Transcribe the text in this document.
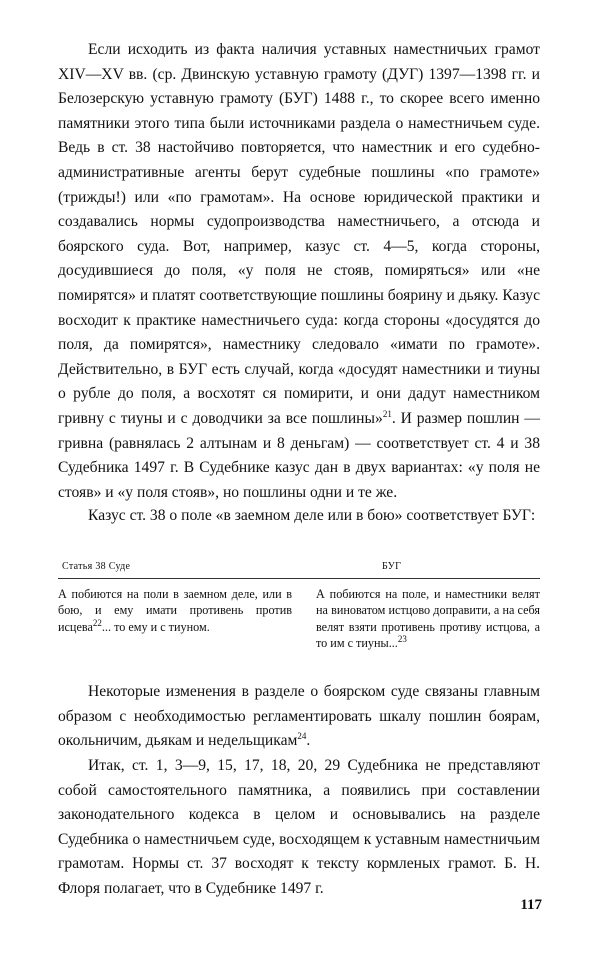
Если исходить из факта наличия уставных наместничьих грамот XIV—XV вв. (ср. Двинскую уставную грамоту (ДУГ) 1397—1398 гг. и Белозерскую уставную грамоту (БУГ) 1488 г., то скорее всего именно памятники этого типа были источниками раздела о наместничьем суде. Ведь в ст. 38 настойчиво повторяется, что наместник и его судебно-административные агенты берут судебные пошлины «по грамоте» (трижды!) или «по грамотам». На основе юридической практики и создавались нормы судопроизводства наместничьего, а отсюда и боярского суда. Вот, например, казус ст. 4—5, когда стороны, досудившиеся до поля, «у поля не стояв, помиряться» или «не помирятся» и платят соответствующие пошлины боярину и дьяку. Казус восходит к практике наместничьего суда: когда стороны «досудятся до поля, да помирятся», наместнику следовало «имати по грамоте». Действительно, в БУГ есть случай, когда «досудят наместники и тиуны о рубле до поля, а восхотят ся помирити, и они дадут наместником гривну с тиуны и с доводчики за все пошлины»$^{21}$. И размер пошлин — гривна (равнялась 2 алтынам и 8 деньгам) — соответствует ст. 4 и 38 Судебника 1497 г. В Судебнике казус дан в двух вариантах: «у поля не стояв» и «у поля стояв», но пошлины одни и те же.

Казус ст. 38 о поле «в заемном деле или в бою» соответствует БУГ:

Статья 38 Суде	БУГ
А побиются на поли в заемном деле, или в бою, и ему имати противень против исцева$^{22}$... то ему и с тиуном.
А побиются на поле, и наместники велят на виноватом истцово доправити, а на себя велят взяти противень противу истцова, а то им с тиуны...$^{23}$

Некоторые изменения в разделе о боярском суде связаны главным образом с необходимостью регламентировать шкалу пошлин боярам, окольничим, дьякам и недельщикам$^{24}$.

Итак, ст. 1, 3—9, 15, 17, 18, 20, 29 Судебника не представляют собой самостоятельного памятника, а появились при составлении законодательного кодекса в целом и основывались на разделе Судебника о наместничьем суде, восходящем к уставным наместничьим грамотам. Нормы ст. 37 восходят к тексту кормленых грамот. Б. Н. Флоря полагает, что в Судебнике 1497 г.

117
